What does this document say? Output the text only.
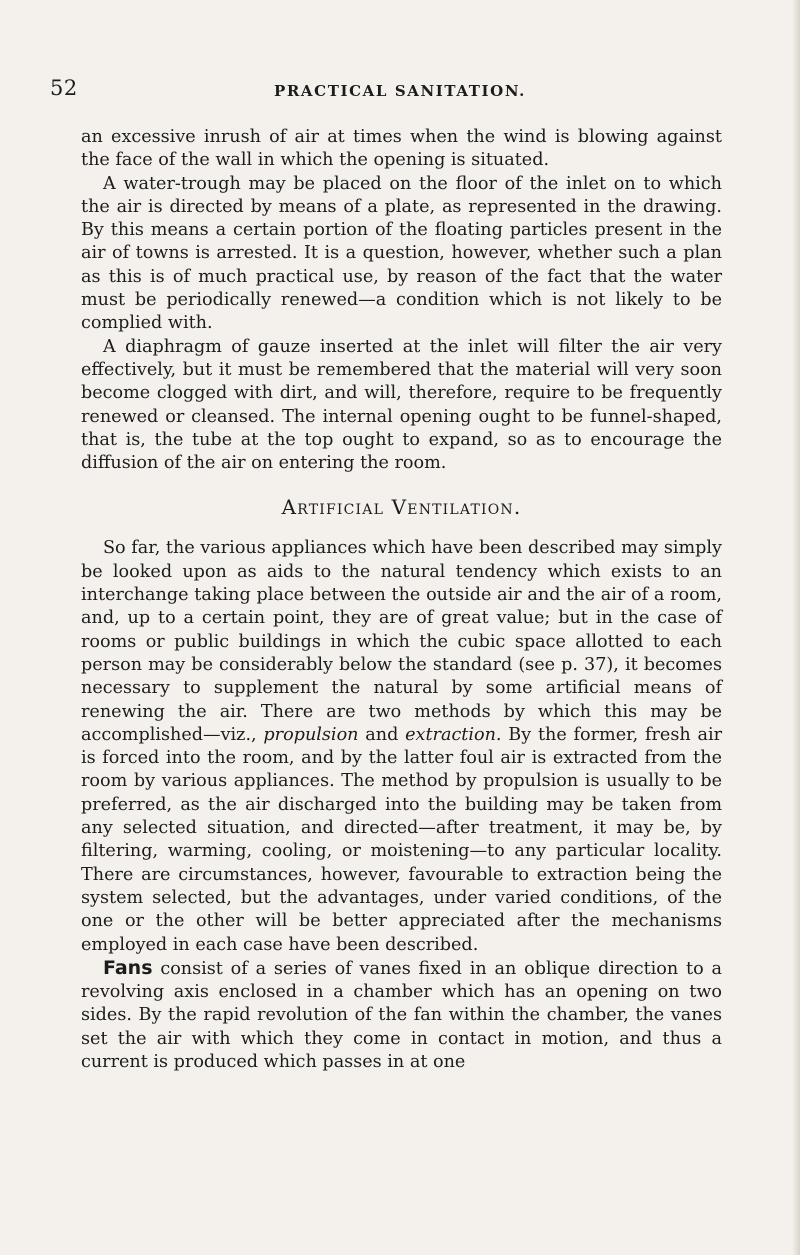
52	PRACTICAL SANITATION.

an excessive inrush of air at times when the wind is blowing against the face of the wall in which the opening is situated.

A water-trough may be placed on the floor of the inlet on to which the air is directed by means of a plate, as represented in the drawing. By this means a certain portion of the floating particles present in the air of towns is arrested. It is a question, however, whether such a plan as this is of much practical use, by reason of the fact that the water must be periodically renewed—a condition which is not likely to be complied with.

A diaphragm of gauze inserted at the inlet will filter the air very effectively, but it must be remembered that the material will very soon become clogged with dirt, and will, therefore, require to be frequently renewed or cleansed. The internal opening ought to be funnel-shaped, that is, the tube at the top ought to expand, so as to encourage the diffusion of the air on entering the room.

Artificial Ventilation.

So far, the various appliances which have been described may simply be looked upon as aids to the natural tendency which exists to an interchange taking place between the outside air and the air of a room, and, up to a certain point, they are of great value; but in the case of rooms or public buildings in which the cubic space allotted to each person may be considerably below the standard (see p. 37), it becomes necessary to supplement the natural by some artificial means of renewing the air. There are two methods by which this may be accomplished—viz., propulsion and extraction. By the former, fresh air is forced into the room, and by the latter foul air is extracted from the room by various appliances. The method by propulsion is usually to be preferred, as the air discharged into the building may be taken from any selected situation, and directed—after treatment, it may be, by filtering, warming, cooling, or moistening—to any particular locality. There are circumstances, however, favourable to extraction being the system selected, but the advantages, under varied conditions, of the one or the other will be better appreciated after the mechanisms employed in each case have been described.

Fans consist of a series of vanes fixed in an oblique direction to a revolving axis enclosed in a chamber which has an opening on two sides. By the rapid revolution of the fan within the chamber, the vanes set the air with which they come in contact in motion, and thus a current is produced which passes in at one
